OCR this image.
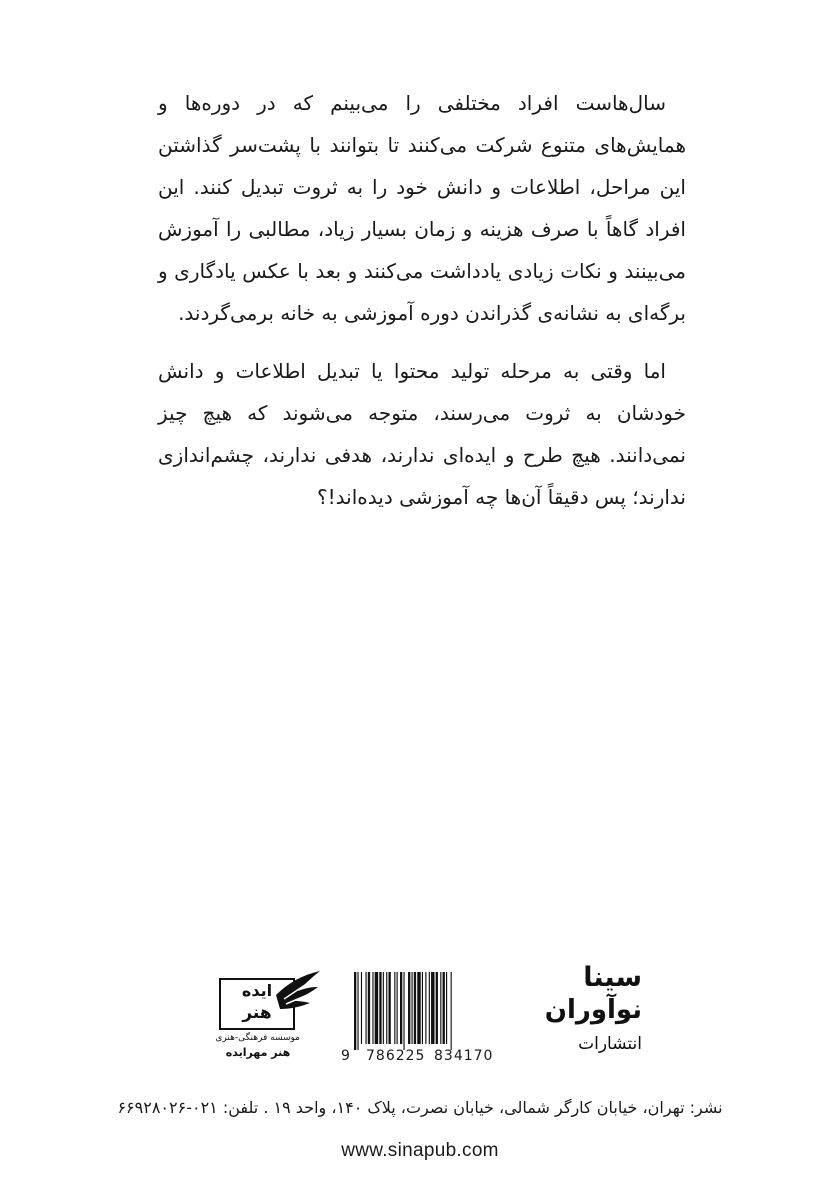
سال‌هاست افراد مختلفی را می‌بینم که در دوره‌ها و همایش‌های متنوع شرکت می‌کنند تا بتوانند با پشت‌سر گذاشتن این مراحل، اطلاعات و دانش خود را به ثروت تبدیل کنند. این افراد گاهاً با صرف هزینه و زمان بسیار زیاد، مطالبی را آموزش می‌بینند و نکات زیادی یادداشت می‌کنند و بعد با عکس یادگاری و برگه‌ای به نشانه‌ی گذراندن دوره آموزشی به خانه برمی‌گردند.

اما وقتی به مرحله تولید محتوا یا تبدیل اطلاعات و دانش خودشان به ثروت می‌رسند، متوجه می‌شوند که هیچ چیز نمی‌دانند. هیچ طرح و ایده‌ای ندارند، هدفی ندارند، چشم‌اندازی ندارند؛ پس دقیقاً آن‌ها چه آموزشی دیده‌اند!؟

ایده
هنر
موسسه فرهنگی-هنری
هنر مهرایده	9 786225 834170
سینا
نوآوران
انتشارات
نشر: تهران، خیابان کارگر شمالی، خیابان نصرت، پلاک ۱۴۰، واحد ۱۹ . تلفن: ۰۲۱-۶۶۹۲۸۰۲۶
www.sinapub.com
